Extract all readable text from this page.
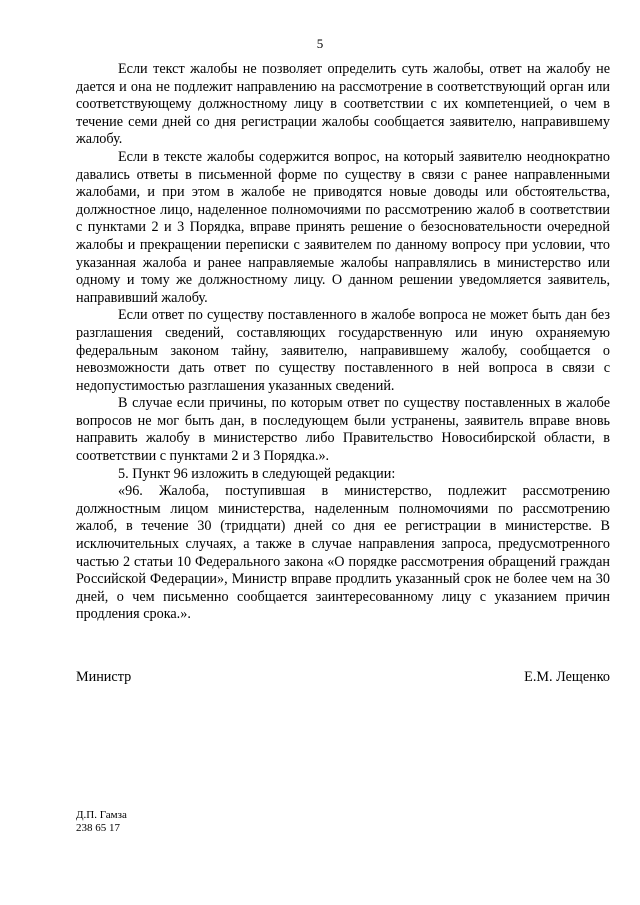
5

Если текст жалобы не позволяет определить суть жалобы, ответ на жалобу не дается и она не подлежит направлению на рассмотрение в соответствующий орган или соответствующему должностному лицу в соответствии с их компетенцией, о чем в течение семи дней со дня регистрации жалобы сообщается заявителю, направившему жалобу.

Если в тексте жалобы содержится вопрос, на который заявителю неоднократно давались ответы в письменной форме по существу в связи с ранее направленными жалобами, и при этом в жалобе не приводятся новые доводы или обстоятельства, должностное лицо, наделенное полномочиями по рассмотрению жалоб в соответствии с пунктами 2 и 3 Порядка, вправе принять решение о безосновательности очередной жалобы и прекращении переписки с заявителем по данному вопросу при условии, что указанная жалоба и ранее направляемые жалобы направлялись в министерство или одному и тому же должностному лицу. О данном решении уведомляется заявитель, направивший жалобу.

Если ответ по существу поставленного в жалобе вопроса не может быть дан без разглашения сведений, составляющих государственную или иную охраняемую федеральным законом тайну, заявителю, направившему жалобу, сообщается о невозможности дать ответ по существу поставленного в ней вопроса в связи с недопустимостью разглашения указанных сведений.

В случае если причины, по которым ответ по существу поставленных в жалобе вопросов не мог быть дан, в последующем были устранены, заявитель вправе вновь направить жалобу в министерство либо Правительство Новосибирской области, в соответствии с пунктами 2 и 3 Порядка.».

5. Пункт 96 изложить в следующей редакции:

«96. Жалоба, поступившая в министерство, подлежит рассмотрению должностным лицом министерства, наделенным полномочиями по рассмотрению жалоб, в течение 30 (тридцати) дней со дня ее регистрации в министерстве. В исключительных случаях, а также в случае направления запроса, предусмотренного частью 2 статьи 10 Федерального закона «О порядке рассмотрения обращений граждан Российской Федерации», Министр вправе продлить указанный срок не более чем на 30 дней, о чем письменно сообщается заинтересованному лицу с указанием причин продления срока.».

Министр	Е.М. Лещенко
Д.П. Гамза
238 65 17
